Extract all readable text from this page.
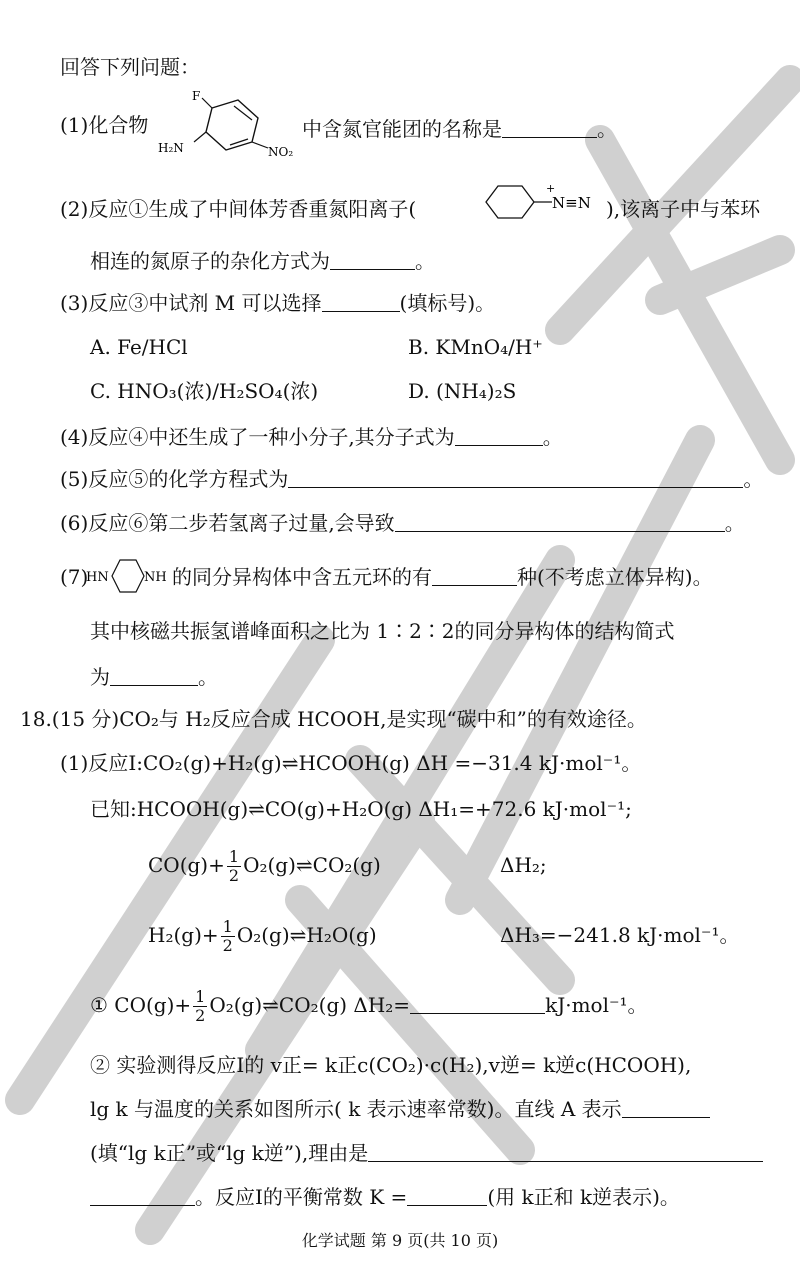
回答下列问题：
(1)化合物
F
H₂N	NO₂
中含氮官能团的名称是	。
(2)反应①生成了中间体芳香重氮阳离子(
+
N≡N ),该离子中与苯环
相连的氮原子的杂化方式为	。
(3)反应③中试剂 M 可以选择	(填标号)。
A. Fe/HCl	B. KMnO₄/H⁺
C. HNO₃(浓)/H₂SO₄(浓)	D. (NH₄)₂S
(4)反应④中还生成了一种小分子,其分子式为	。
(5)反应⑤的化学方程式为	。
(6)反应⑥第二步若氢离子过量,会导致	。
(7)
HN	NH 的同分异构体中含五元环的有	种(不考虑立体异构)。
其中核磁共振氢谱峰面积之比为 1∶2∶2的同分异构体的结构简式
为	。
18.(15 分)CO₂与 H₂反应合成 HCOOH,是实现“碳中和”的有效途径。
(1)反应Ⅰ:CO₂(g)+H₂(g)⇌HCOOH(g) ΔH =−31.4 kJ·mol⁻¹。
已知:HCOOH(g)⇌CO(g)+H₂O(g) ΔH₁=+72.6 kJ·mol⁻¹;
$CO(g)+ \frac{1}{2}$ O₂(g)⇌CO₂(g)	ΔH₂;
$H_2(g)+ \frac{1}{2}$ O₂(g)⇌H₂O(g)	ΔH₃=−241.8 kJ·mol⁻¹。
① $CO(g)+ \frac{1}{2}$ O₂(g)⇌CO₂(g) ΔH₂=	kJ·mol⁻¹。
② 实验测得反应Ⅰ的 v正= k正c(CO₂)·c(H₂),v逆= k逆c(HCOOH),
lg k 与温度的关系如图所示( k 表示速率常数)。直线 A 表示
(填“lg k正”或“lg k逆”),理由是
。反应Ⅰ的平衡常数 K =	(用 k正和 k逆表示)。
化学试题 第 9 页(共 10 页)
